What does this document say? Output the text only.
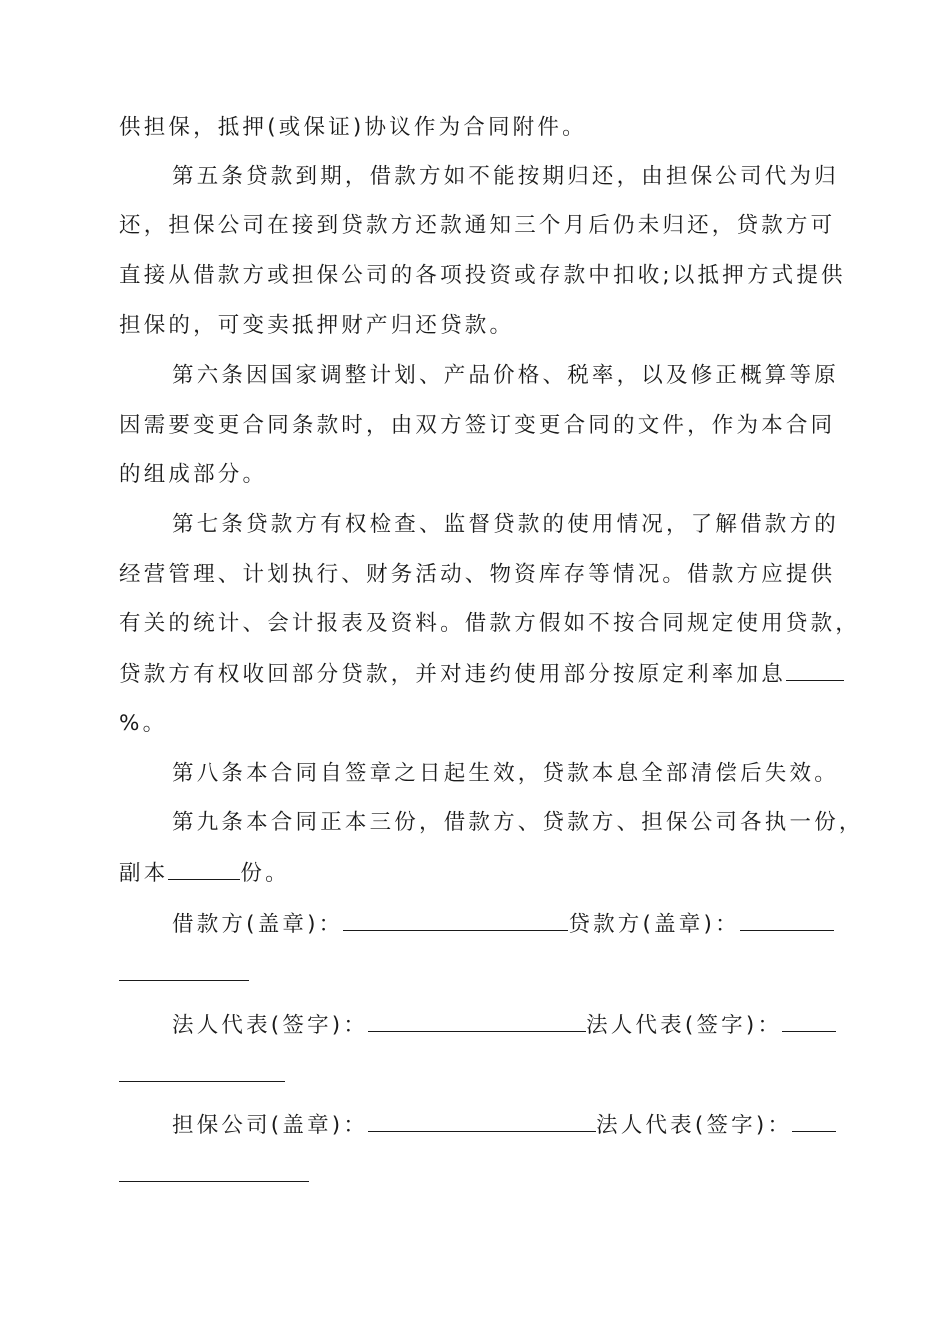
供担保，抵押(或保证)协议作为合同附件。
第五条贷款到期，借款方如不能按期归还，由担保公司代为归
还，担保公司在接到贷款方还款通知三个月后仍未归还，贷款方可
直接从借款方或担保公司的各项投资或存款中扣收;以抵押方式提供
担保的，可变卖抵押财产归还贷款。
第六条因国家调整计划、产品价格、税率，以及修正概算等原
因需要变更合同条款时，由双方签订变更合同的文件，作为本合同
的组成部分。
第七条贷款方有权检查、监督贷款的使用情况，了解借款方的
经营管理、计划执行、财务活动、物资库存等情况。借款方应提供
有关的统计、会计报表及资料。借款方假如不按合同规定使用贷款，
贷款方有权收回部分贷款，并对违约使用部分按原定利率加息
%。
第八条本合同自签章之日起生效，贷款本息全部清偿后失效。
第九条本合同正本三份，借款方、贷款方、担保公司各执一份，
副本	份。
借款方(盖章)：	贷款方(盖章)：
法人代表(签字)：	法人代表(签字)：
担保公司(盖章)：	法人代表(签字)：
